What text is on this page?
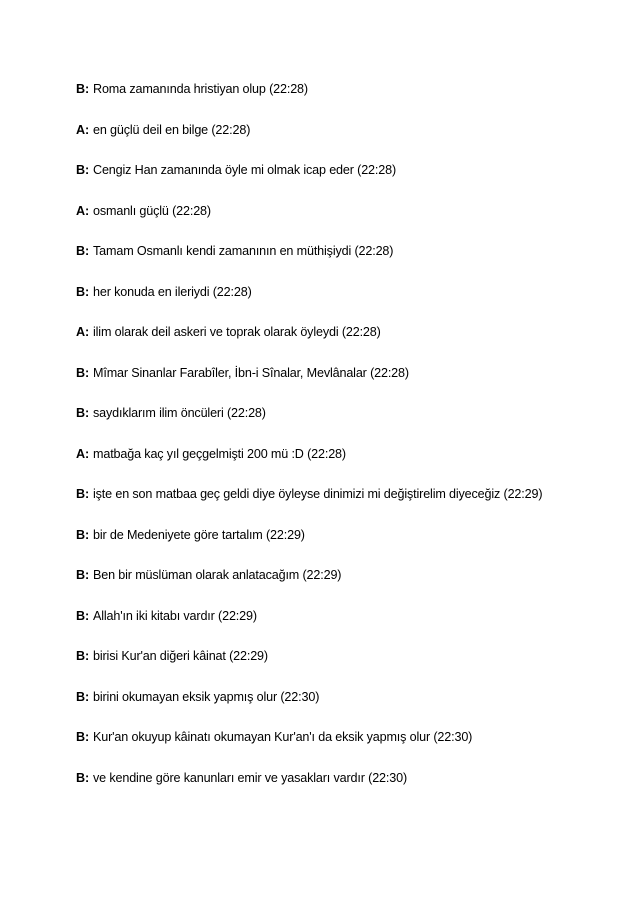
B: Roma zamanında hristiyan olup (22:28)

A: en güçlü deil en bilge (22:28)

B: Cengiz Han zamanında öyle mi olmak icap eder (22:28)

A: osmanlı güçlü (22:28)

B: Tamam Osmanlı kendi zamanının en müthişiydi (22:28)

B: her konuda en ileriydi (22:28)

A: ilim olarak deil askeri ve toprak olarak öyleydi (22:28)

B: Mîmar Sinanlar Farabîler, İbn-i Sînalar, Mevlânalar (22:28)

B: saydıklarım ilim öncüleri (22:28)

A: matbağa kaç yıl geçgelmişti 200 mü :D (22:28)

B: işte en son matbaa geç geldi diye öyleyse dinimizi mi değiştirelim diyeceğiz (22:29)

B: bir de Medeniyete göre tartalım (22:29)

B: Ben bir müslüman olarak anlatacağım (22:29)

B: Allah'ın iki kitabı vardır (22:29)

B: birisi Kur'an diğeri kâinat (22:29)

B: birini okumayan eksik yapmış olur (22:30)

B: Kur'an okuyup kâinatı okumayan Kur'an'ı da eksik yapmış olur (22:30)

B: ve kendine göre kanunları emir ve yasakları vardır (22:30)
